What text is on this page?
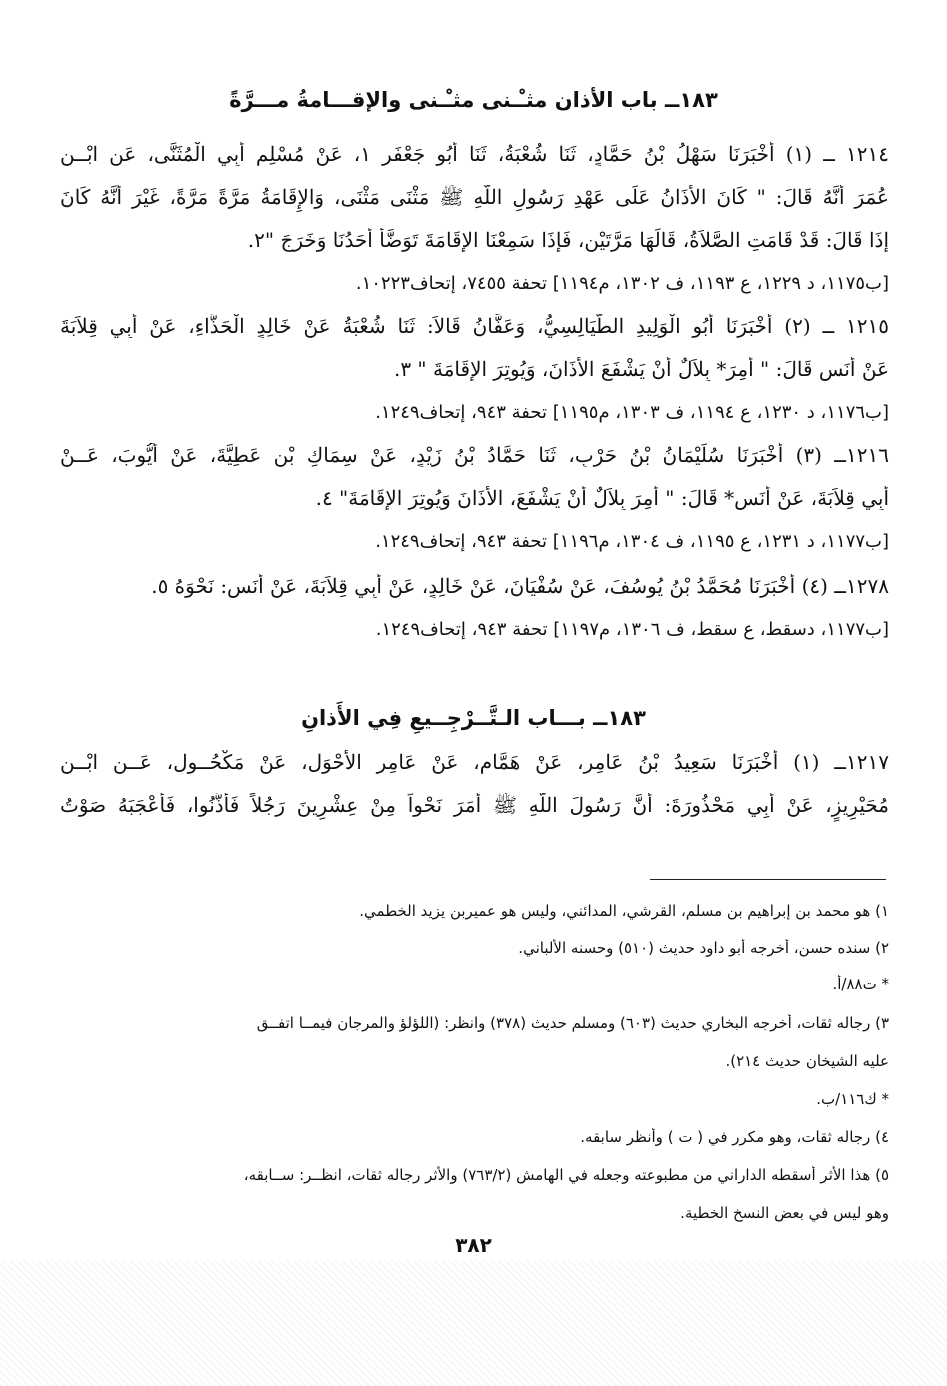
١٨٣ــ باب الأذان مثـْـنى مثـْـنى والإقـــامةُ مـــرَّةً
١٢١٤ ــ (١) أَخْبَرَنَا سَهْلُ بْنُ حَمَّادٍ، ثَنَا شُعْبَةُ، ثَنَا أَبُو جَعْفَرٍ ١، عَنْ مُسْلِمٍ أَبِي الْمُثَنَّى، عَنِ ابْــنِ
عُمَرَ أَنَّهُ قَالَ: " كَانَ الأَذَانُ عَلَى عَهْدِ رَسُولِ اللَّهِ ﷺ مَثْنَى مَثْنَى، وَالإِقَامَةُ مَرَّةً مَرَّةً، غَيْرَ أَنَّهُ كَانَ
إِذَا قَالَ: قَدْ قَامَتِ الصَّلاَةُ، قَالَهَا مَرَّتَيْنِ، فَإِذَا سَمِعْنَا الإِقَامَةَ تَوَضَّأَ أَحَدُنَا وَخَرَجَ "٢.
[ب١١٧٥، د ١٢٢٩، ع ١١٩٣، ف ١٣٠٢، م١١٩٤] تحفة ٧٤٥٥، إتحاف١٠٢٢٣.
١٢١٥ ــ (٢) أَخْبَرَنَا أَبُو الْوَلِيدِ الطَّيَالِسِيُّ، وَعَفَّانُ قَالاَ: ثَنَا شُعْبَةُ عَنْ خَالِدٍ الْحَذَّاءِ، عَنْ أَبِي قِلاَبَةَ
عَنْ أَنَسٍ قَالَ: " أُمِرَ* بِلاَلٌ أَنْ يَشْفَعَ الأَذَانَ، وَيُوتِرَ الإِقَامَةَ " ٣.
[ب١١٧٦، د ١٢٣٠، ع ١١٩٤، ف ١٣٠٣، م١١٩٥] تحفة ٩٤٣، إتحاف١٢٤٩.
١٢١٦ــ (٣) أَخْبَرَنَا سُلَيْمَانُ بْنُ حَرْبٍ، ثَنَا حَمَّادُ بْنُ زَيْدٍ، عَنْ سِمَاكِ بْنِ عَطِيَّةَ، عَنْ أَيُّوبَ، عَــنْ
أَبِي قِلاَبَةَ، عَنْ أَنَسٍ* قَالَ: " أُمِرَ بِلاَلٌ أَنْ يَشْفَعَ، الأَذَانَ وَيُوتِرَ الإِقَامَةَ" ٤.
[ب١١٧٧، د ١٢٣١، ع ١١٩٥، ف ١٣٠٤، م١١٩٦] تحفة ٩٤٣، إتحاف١٢٤٩.
١٢٧٨ــ (٤) أَخْبَرَنَا مُحَمَّدُ بْنُ يُوسُفَ، عَنْ سُفْيَانَ، عَنْ خَالِدٍ، عَنْ أَبِي قِلاَبَةَ، عَنْ أَنَسٍ: نَحْوَهُ ٥.
[ب١١٧٧، دسقط، ع سقط، ف ١٣٠٦، م١١٩٧] تحفة ٩٤٣، إتحاف١٢٤٩.
١٨٣ــ بـــاب الـتَّــرْجِــيعِ فِي الأَذانِ
١٢١٧ــ (١) أَخْبَرَنَا سَعِيدُ بْنُ عَامِرٍ، عَنْ هَمَّامٍ، عَنْ عَامِرٍ الأَحْوَلِ، عَنْ مَكْحُــولٍ، عَــنِ ابْــنِ
مُحَيْرِيزٍ، عَنْ أَبِي مَحْذُورَةَ: أَنَّ رَسُولَ اللَّهِ ﷺ أَمَرَ نَحْواً مِنْ عِشْرِينَ رَجُلاً فَأَذَّنُوا، فَأَعْجَبَهُ صَوْتُ
١) هو محمد بن إبراهيم بن مسلم، القرشي، المدائني، وليس هو عميربن يزيد الخطمي.
٢) سنده حسن، أخرجه أبو داود حديث (٥١٠) وحسنه الألباني.
* ت٨٨/أ.
٣) رجاله ثقات، أخرجه البخاري حديث (٦٠٣) ومسلم حديث (٣٧٨) وانظر: (اللؤلؤ والمرجان فيمــا اتفــق
عليه الشيخان حديث ٢١٤).
* ك١١٦/ب.
٤) رجاله ثقات، وهو مكرر في ( ت ) وأنظر سابقه.
٥) هذا الأثر أسقطه الداراني من مطبوعته وجعله في الهامش (٧٦٣/٢) والأثر رجاله ثقات، انظــر: ســابقه،
وهو ليس في بعض النسخ الخطية.
٣٨٢
